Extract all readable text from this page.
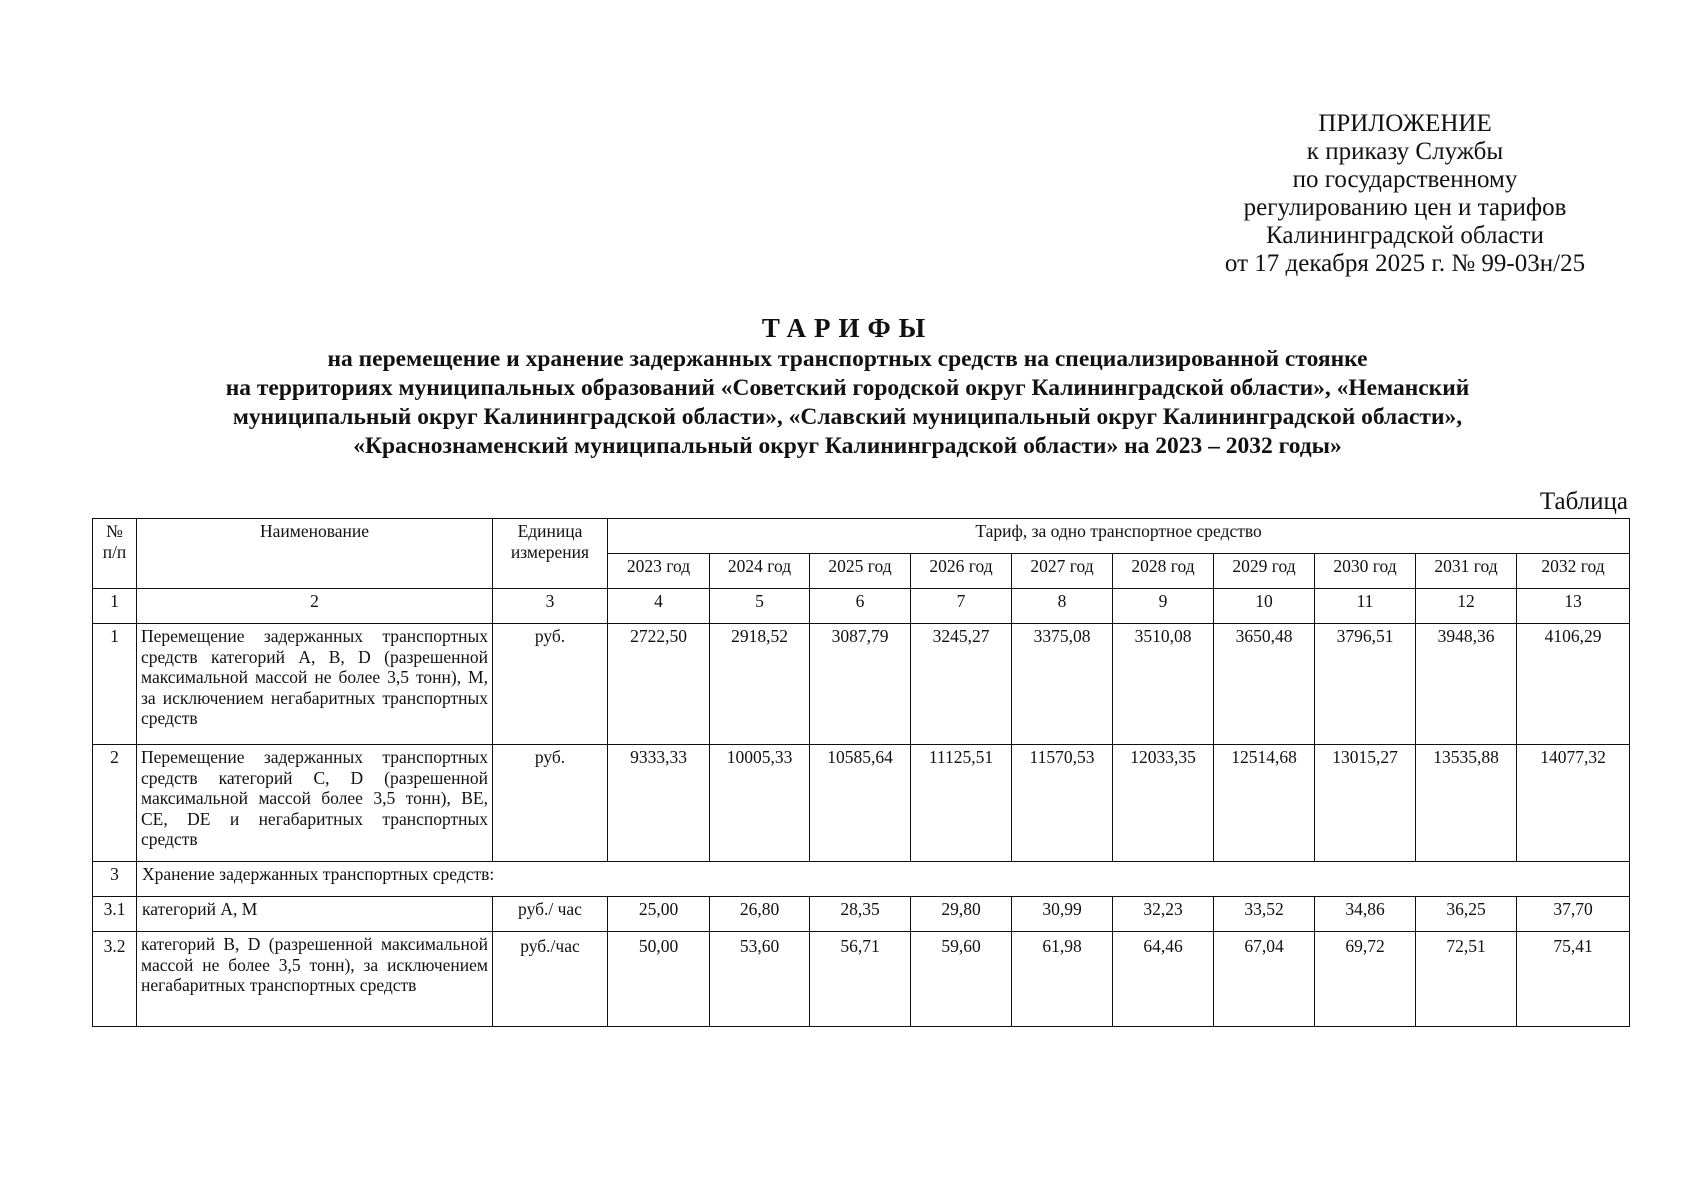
ПРИЛОЖЕНИЕ
к приказу Службы
по государственному
регулированию цен и тарифов
Калининградской области
от 17 декабря 2025 г. № 99-03н/25
ТАРИФЫ
на перемещение и хранение задержанных транспортных средств на специализированной стоянке
на территориях муниципальных образований «Советский городской округ Калининградской области», «Неманский
муниципальный округ Калининградской области», «Славский муниципальный округ Калининградской области»,
«Краснознаменский муниципальный округ Калининградской области» на 2023 – 2032 годы»
Таблица
№ п/п	Наименование	Единица измерения	Тариф, за одно транспортное средство									
			2023 год	2024 год	2025 год	2026 год	2027 год	2028 год	2029 год	2030 год	2031 год	2032 год
1	2	3	4	5	6	7	8	9	10	11	12	13
1	Перемещение задержанных транспортных средств категорий A, B, D (разрешенной максимальной массой не более 3,5 тонн), M, за исключением негабаритных транспортных средств	руб.	2722,50	2918,52	3087,79	3245,27	3375,08	3510,08	3650,48	3796,51	3948,36	4106,29
2	Перемещение задержанных транспортных средств категорий C, D (разрешенной максимальной массой более 3,5 тонн), BE, CE, DE и негабаритных транспортных средств	руб.	9333,33	10005,33	10585,64	11125,51	11570,53	12033,35	12514,68	13015,27	13535,88	14077,32
3	Хранение задержанных транспортных средств:											
3.1	категорий A, M	руб./ час	25,00	26,80	28,35	29,80	30,99	32,23	33,52	34,86	36,25	37,70
3.2	категорий B, D (разрешенной максимальной массой не более 3,5 тонн), за исключением негабаритных транспортных средств	руб./час	50,00	53,60	56,71	59,60	61,98	64,46	67,04	69,72	72,51	75,41
